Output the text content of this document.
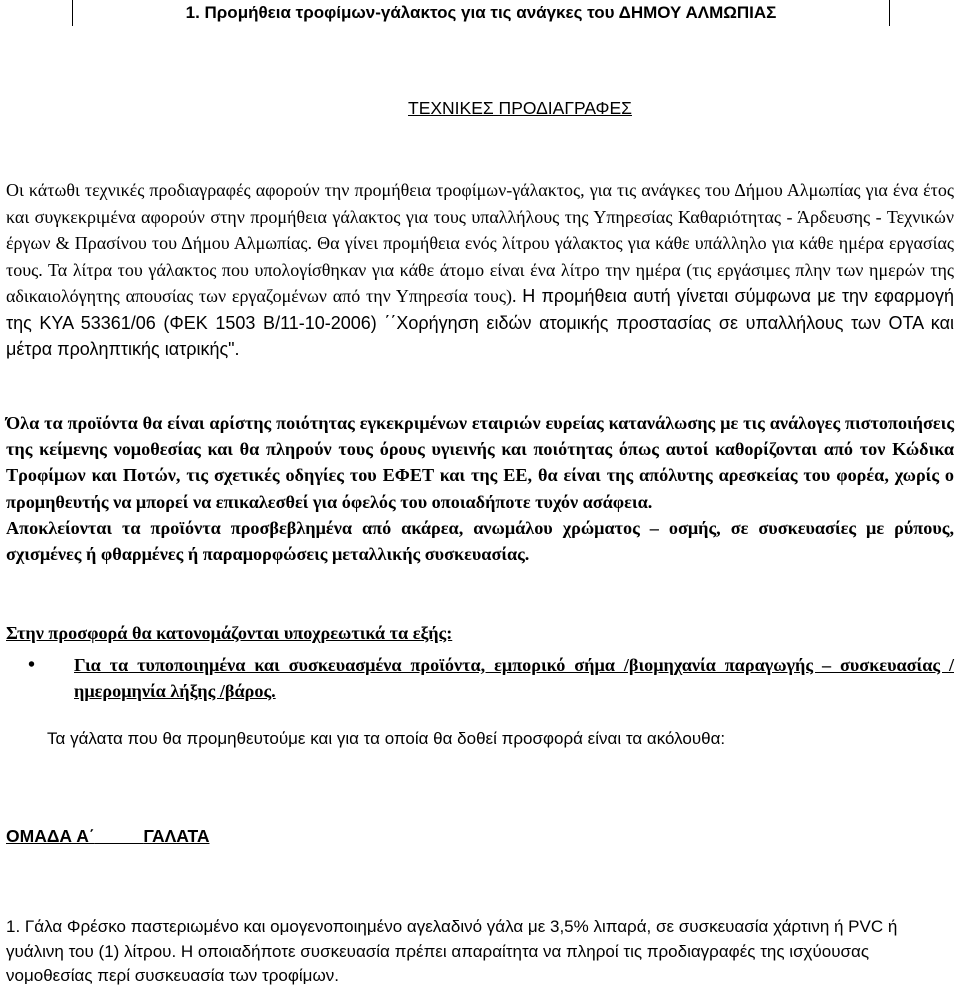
1. Προμήθεια τροφίμων-γάλακτος για τις ανάγκες του ΔΗΜΟΥ ΑΛΜΩΠΙΑΣ
ΤΕΧΝΙΚΕΣ ΠΡΟΔΙΑΓΡΑΦΕΣ
Οι κάτωθι τεχνικές προδιαγραφές αφορούν την προμήθεια τροφίμων-γάλακτος, για τις ανάγκες του Δήμου Αλμωπίας για ένα έτος και συγκεκριμένα αφορούν στην προμήθεια γάλακτος για τους υπαλλήλους της Υπηρεσίας Καθαριότητας - Άρδευσης - Τεχνικών έργων & Πρασίνου του Δήμου Αλμωπίας. Θα γίνει προμήθεια ενός λίτρου γάλακτος για κάθε υπάλληλο για κάθε ημέρα εργασίας τους. Τα λίτρα του γάλακτος που υπολογίσθηκαν για κάθε άτομο είναι ένα λίτρο την ημέρα (τις εργάσιμες πλην των ημερών της αδικαιολόγητης απουσίας των εργαζομένων από την Υπηρεσία τους). Η προμήθεια αυτή γίνεται σύμφωνα με την εφαρμογή της ΚΥΑ 53361/06 (ΦΕΚ 1503 Β/11-10-2006) ΄΄Χορήγηση ειδών ατομικής προστασίας σε υπαλλήλους των ΟΤΑ και μέτρα προληπτικής ιατρικής".
Όλα τα προϊόντα θα είναι αρίστης ποιότητας εγκεκριμένων εταιριών ευρείας κατανάλωσης με τις ανάλογες πιστοποιήσεις της κείμενης νομοθεσίας και θα πληρούν τους όρους υγιεινής και ποιότητας όπως αυτοί καθορίζονται από τον Κώδικα Τροφίμων και Ποτών, τις σχετικές οδηγίες του ΕΦΕΤ και της ΕΕ, θα είναι της απόλυτης αρεσκείας του φορέα, χωρίς ο προμηθευτής να μπορεί να επικαλεσθεί για όφελός του οποιαδήποτε τυχόν ασάφεια.
Αποκλείονται τα προϊόντα προσβεβλημένα από ακάρεα, ανωμάλου χρώματος – οσμής, σε συσκευασίες με ρύπους, σχισμένες ή φθαρμένες ή παραμορφώσεις μεταλλικής συσκευασίας.
Στην προσφορά θα κατονομάζονται υποχρεωτικά τα εξής:
• Για τα τυποποιημένα και συσκευασμένα προϊόντα, εμπορικό σήμα /βιομηχανία παραγωγής – συσκευασίας /ημερομηνία λήξης /βάρος.
Τα γάλατα που θα προμηθευτούμε και για τα οποία θα δοθεί προσφορά είναι τα ακόλουθα:
ΟΜΑΔΑ Α΄	ΓΑΛΑΤΑ
1. Γάλα Φρέσκο παστεριωμένο και ομογενοποιημένο αγελαδινό γάλα με 3,5% λιπαρά, σε συσκευασία χάρτινη ή PVC ή γυάλινη του (1) λίτρου. Η οποιαδήποτε συσκευασία πρέπει απαραίτητα να πληροί τις προδιαγραφές της ισχύουσας νομοθεσίας περί συσκευασία των τροφίμων.
